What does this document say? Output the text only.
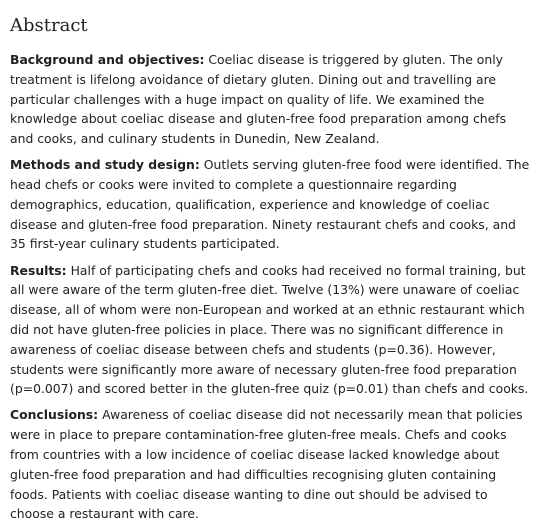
Abstract

Background and objectives: Coeliac disease is triggered by gluten. The only treatment is lifelong avoidance of dietary gluten. Dining out and travelling are particular challenges with a huge impact on quality of life. We examined the knowledge about coeliac disease and gluten-free food preparation among chefs and cooks, and culinary students in Dunedin, New Zealand.

Methods and study design: Outlets serving gluten-free food were identified. The head chefs or cooks were invited to complete a questionnaire regarding demographics, education, qualification, experience and knowledge of coeliac disease and gluten-free food preparation. Ninety restaurant chefs and cooks, and 35 first-year culinary students participated.

Results: Half of participating chefs and cooks had received no formal training, but all were aware of the term gluten-free diet. Twelve (13%) were unaware of coeliac disease, all of whom were non-European and worked at an ethnic restaurant which did not have gluten-free policies in place. There was no significant difference in awareness of coeliac disease between chefs and students (p=0.36). However, students were significantly more aware of necessary gluten-free food preparation (p=0.007) and scored better in the gluten-free quiz (p=0.01) than chefs and cooks.

Conclusions: Awareness of coeliac disease did not necessarily mean that policies were in place to prepare contamination-free gluten-free meals. Chefs and cooks from countries with a low incidence of coeliac disease lacked knowledge about gluten-free food preparation and had difficulties recognising gluten containing foods. Patients with coeliac disease wanting to dine out should be advised to choose a restaurant with care.
